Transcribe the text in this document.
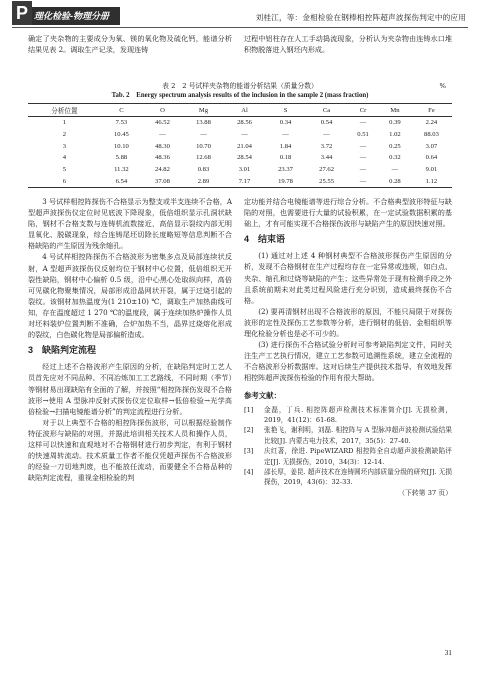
P 理化检验-物理分册	刘桂江，等：金相检验在钢棒相控阵超声波探伤判定中的应用

确定了夹杂物的主要成分为氧、镁的氧化物及硫化钙，能谱分析结果见表 2。调取生产记录，发现连铸

过程中铝柱存在人工手动捣流现象，分析认为夹杂物由连铸水口堆积物脱落进入钢坯内形成。

表 2　2 号试样夹杂物的能谱分析结果（质量分数）	%
Tab. 2　Energy spectrum analysis results of the inclusion in the sample 2 (mass fraction)
分析位置	C	O	Mg	Al	S	Ca	Cr	Mn	Fe
1	7.53	46.52	13.88	28.56	0.34	0.54	—	0.39	2.24
2	10.45	—	—	—	—	—	0.51	1.02	88.03
3	10.10	48.30	10.70	21.04	1.84	3.72	—	0.25	3.07
4	5.88	48.36	12.68	28.54	0.18	3.44	—	0.32	0.64
5	11.32	24.82	0.83	3.01	23.37	27.62	—	—	9.01
6	6.54	37.08	2.89	7.17	19.78	25.55	—	0.28	1.12

3 号试样相控阵探伤不合格显示为整支或半支连续不合格，A 型超声波探伤仪定位时见底波下降现象，低倍组织显示孔洞状缺陷，钢材不合格支数与连铸机流数接近，高倍显示裂纹内部无明显氧化、脱碳现象，综合连铸尾坯切除长度略短等信息判断不合格缺陷的产生原因为残余缩孔。

4 号试样相控阵探伤不合格波形为密集多点及局部连续状反射，A 型超声波探伤仪反射均位于钢材中心位置，低倍组织无开裂性缺陷，钢材中心偏析 0.5 级，沿中心黑心处取纵向样，高倍可见碳化物聚集情况，局部形成沿晶网状开裂，属于过烧引起的裂纹。该钢材加热温度为(1 210±10) ℃，调取生产加热曲线可知，存在温度超过 1 270 ℃的温度段，属于连续加热炉操作人员对坯料装炉位置判断不准确，合炉加热不当，晶界过烧熔化形成的裂纹，白色碳化物是局部偏析造成。

3　缺陷判定流程

经过上述不合格波形产生原因的分析，在缺陷判定时工艺人员首先应对不同品种、不同冶炼加工工艺路线，不同时期（季节）等钢材易出现缺陷有全面的了解，并按照“相控阵探伤发现不合格波形→使用 A 型脉冲反射式探伤仪定位取样→低倍检验→光学高倍检验→扫描电镜能谱分析”的判定流程进行分析。

对于以上典型不合格的相控阵探伤波形，可以根据经验制作特征波形与缺陷的对照，并据此培训相关技术人员和操作人员，这样可以快速和直观地对不合格钢材进行初步判定，有利于钢材的快速周转流动。技术质量工作者不能仅凭超声探伤不合格波形的经验一刀切地判废，也不能放任流动，而要健全不合格品种的缺陷判定流程，重视金相检验的判

定功能并结合电镜能谱等进行综合分析。不合格典型波形特征与缺陷的对照，也需要进行大量的试验积累，在一定试验数据积累的基础上，才有可能实现不合格探伤波形与缺陷产生的原因快速对照。

4　结束语

(1) 通过对上述 4 种钢材典型不合格波形探伤产生原因的分析，发现不合格钢材在生产过程均存在一定异常或违规，如白点、夹杂、缩孔和过烧等缺陷的产生；这些异常处于现有检测手段之外且系统前期未对此类过程风险进行充分识别，造成最终探伤不合格。

(2) 要再清钢材出现不合格波形的原因，不能只局限于对探伤波形的定性及探伤工艺参数等分析，进行钢材的低倍、金相组织等理化检验分析也是必不可少的。

(3) 进行探伤不合格试验分析时可参考缺陷判定文件，同时关注生产工艺执行情况，建立工艺参数可追溯性系统，建立全流程的不合格波形分析数据库。这对后续生产提供技术指导、有效地发挥相控阵超声波探伤检验的作用有很大帮助。

参考文献：
[1]	金磊，丁兵. 相控阵超声检测技术标准简介[J]. 无损检测，2019，41(12)：61-68.
[2]	张艳飞，谢利明，刘磊. 相控阵与 A 型脉冲超声波检测试验结果比较[J]. 内蒙古电力技术，2017，35(5)：27-40.
[3]	庆红著，徐进. PipeWIZARD 相控阵全自动超声波检测缺陷评定[J]. 无损探伤，2010，34(3)：12-14.
[4]	邵长厚，姜昆. 超声技术在连铸圆坯内部质量分级的研究[J]. 无损探伤，2019，43(6)：32-33.
（下转第 37 页）
31
